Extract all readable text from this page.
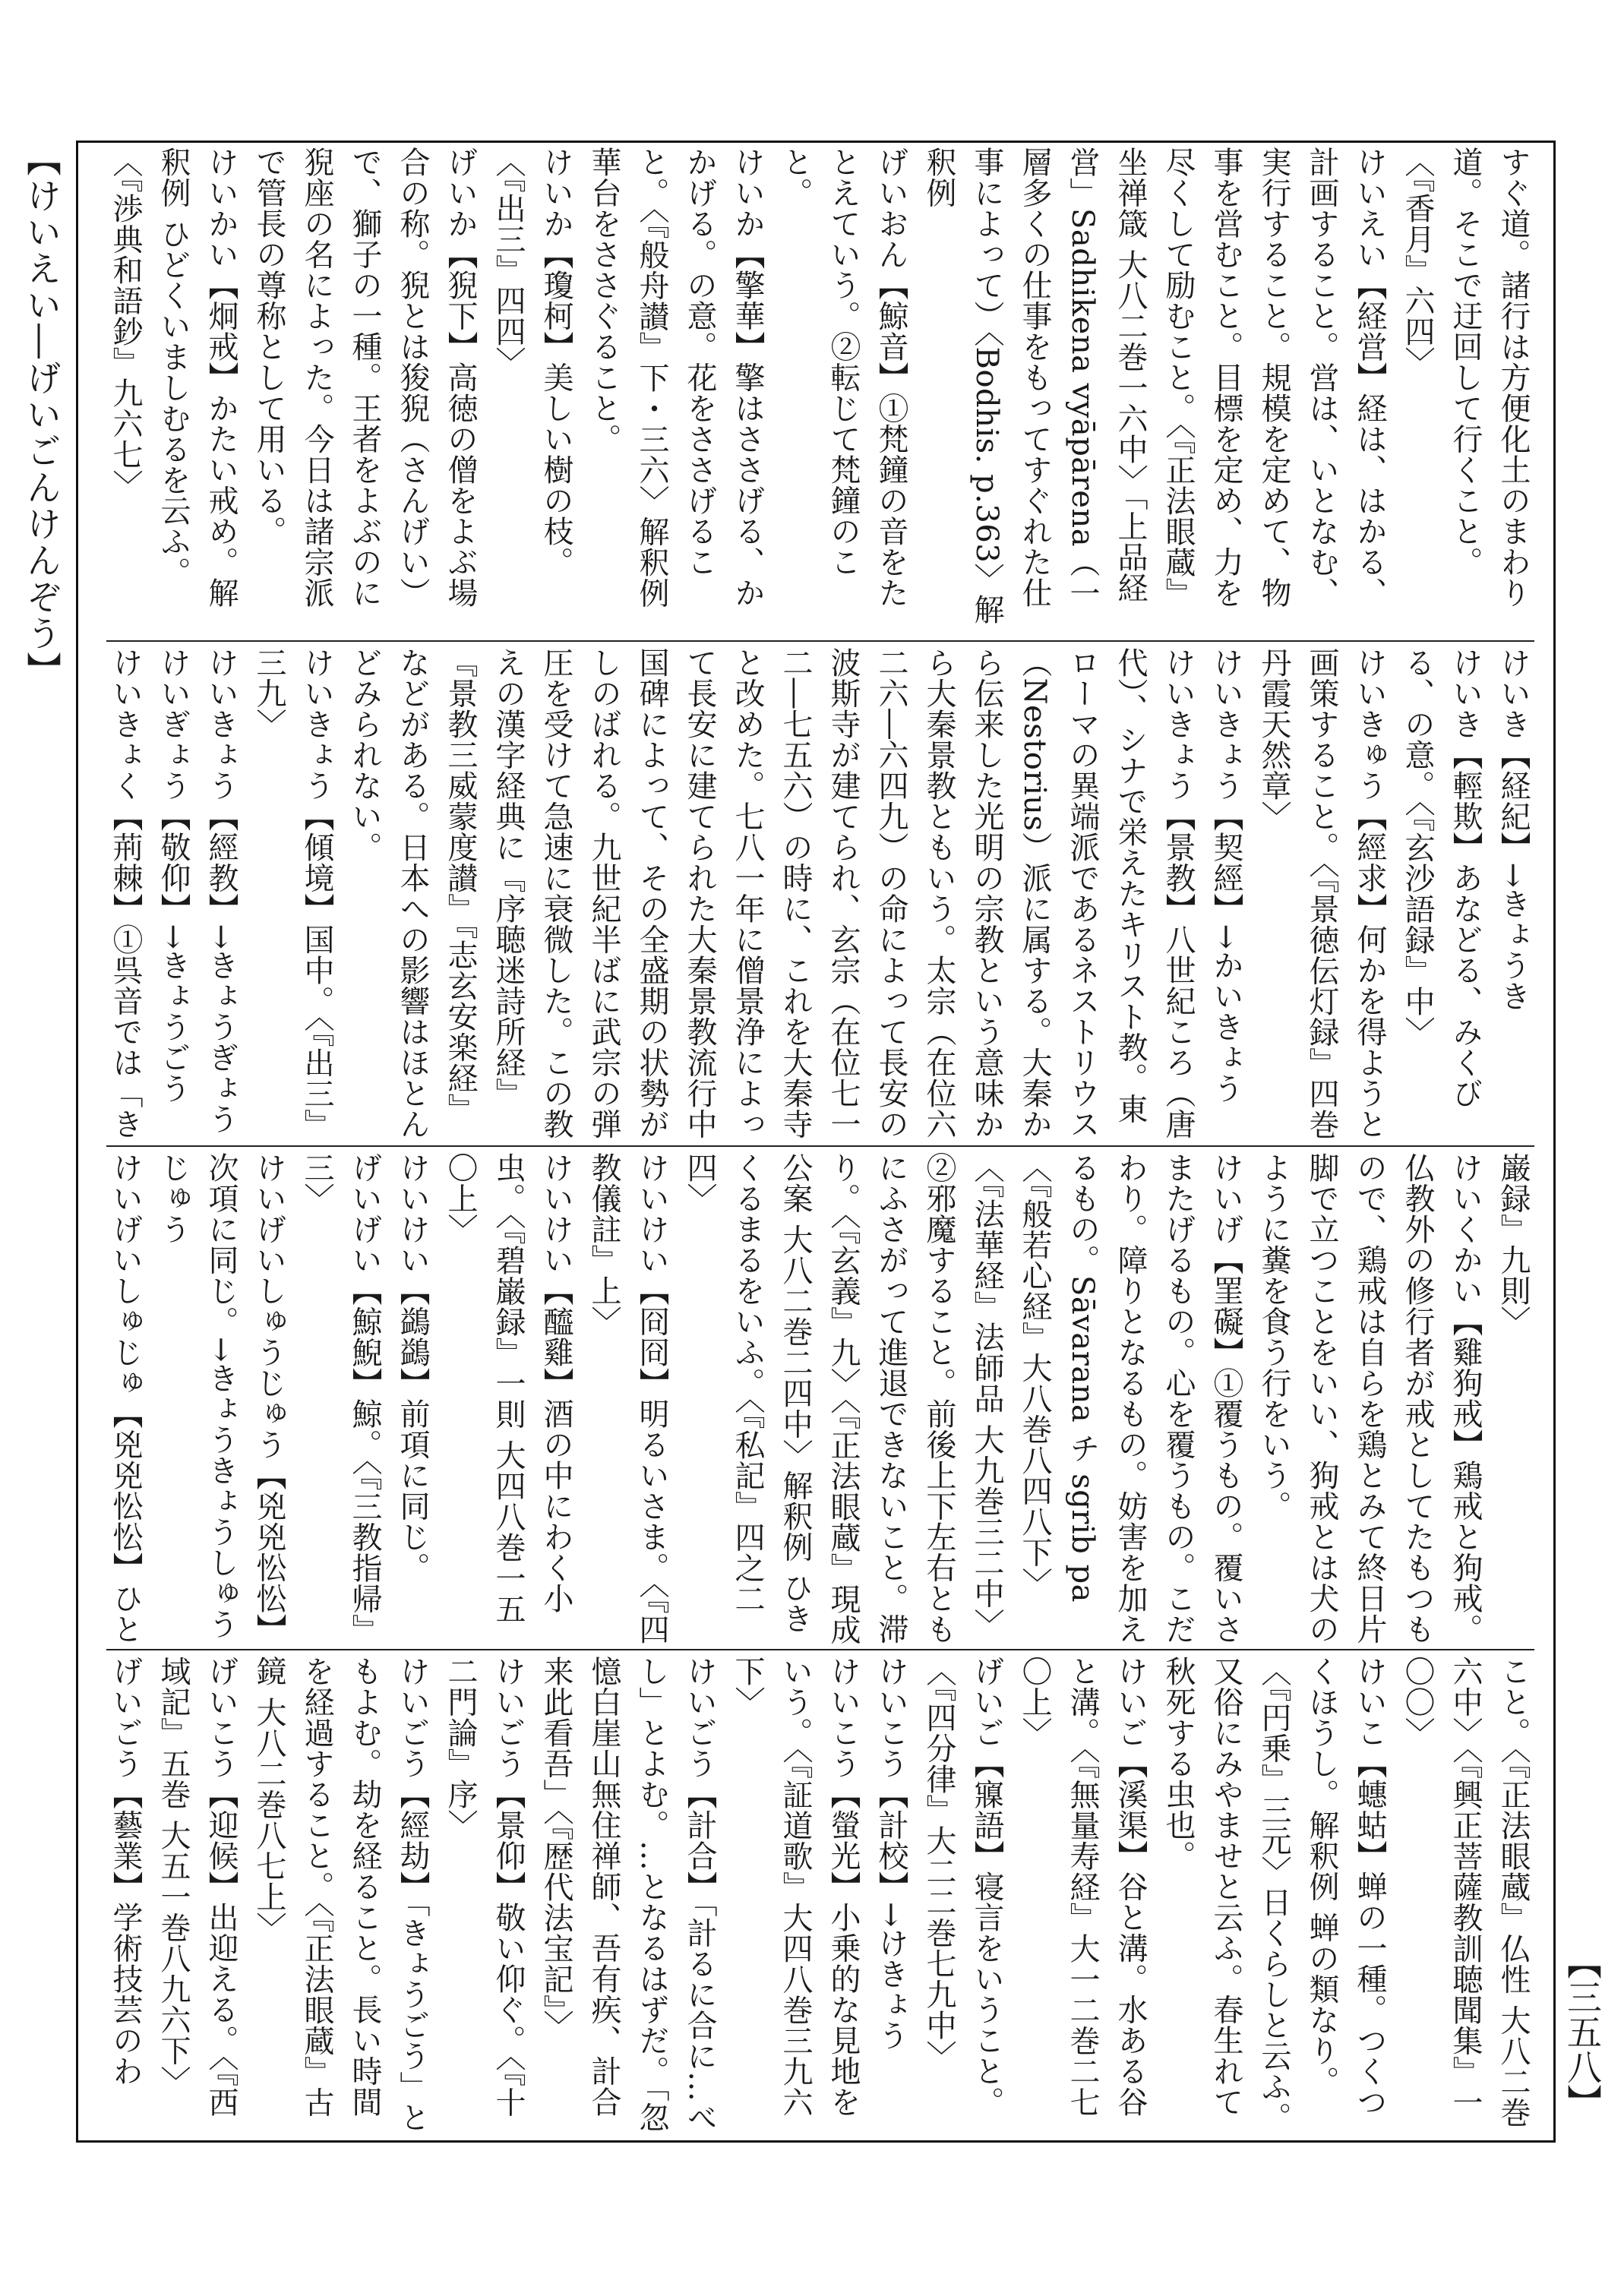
【けいえい―げいごんけんぞう】
【三五八】
すぐ道。諸行は方便化土のまわり道。そこで迂回して行くこと。〈『香月』六四〉
けいえい【経営】経は、はかる、計画すること。営は、いとなむ、実行すること。規模を定めて、物事を営むこと。目標を定め、力を尽くして励むこと。〈『正法眼蔵』坐禅箴 大八二巻一六中〉「上品経営」Sadhikena vyāpārena（一層多くの仕事をもってすぐれた仕事によって）〈Bodhis. p.363〉解釈例
げいおん【鯨音】①梵鐘の音をたとえていう。②転じて梵鐘のこと。
けいか【擎華】擎はささげる、かかげる。の意。花をささげること。〈『般舟讃』下・三六〉解釈例 華台をささぐること。
けいか【瓊柯】美しい樹の枝。〈『出三』四四〉
げいか【猊下】高徳の僧をよぶ場合の称。猊とは狻猊（さんげい）で、獅子の一種。王者をよぶのに猊座の名によった。今日は諸宗派で管長の尊称として用いる。
けいかい【炯戒】かたい戒め。解釈例 ひどくいましむるを云ふ。〈『渉典和語鈔』九六七〉
けいき【経紀】→きょうき
けいき【輕欺】あなどる、みくびる、の意。〈『玄沙語録』中〉
けいきゅう【經求】何かを得ようと画策すること。〈『景徳伝灯録』四巻丹霞天然章〉
けいきょう【契經】→かいきょう
けいきょう【景教】八世紀ころ（唐代）、シナで栄えたキリスト教。東ローマの異端派であるネストリウス（Nestorius）派に属する。大秦から伝来した光明の宗教という意味から大秦景教ともいう。太宗（在位六二六―六四九）の命によって長安の波斯寺が建てられ、玄宗（在位七一二―七五六）の時に、これを大秦寺と改めた。七八一年に僧景浄によって長安に建てられた大秦景教流行中国碑によって、その全盛期の状勢がしのばれる。九世紀半ばに武宗の弾圧を受けて急速に衰微した。この教えの漢字経典に『序聴迷詩所経』『景教三威蒙度讃』『志玄安楽経』などがある。日本への影響はほとんどみられない。
けいきょう【傾境】国中。〈『出三』三九〉
けいきょう【經教】→きょうぎょう
けいぎょう【敬仰】→きょうごう
けいきょく【荊棘】①呉音では「き
巌録』九則〉
けいくかい【雞狗戒】鶏戒と狗戒。仏教外の修行者が戒としてたもつもので、鶏戒は自らを鶏とみて終日片脚で立つことをいい、狗戒とは犬のように糞を食う行をいう。
けいげ【罣礙】①覆うもの。覆いさまたげるもの。心を覆うもの。こだわり。障りとなるもの。妨害を加えるもの。Sāvarana チ sgrib pa〈『般若心経』大八巻八四八下〉〈『法華経』法師品 大九巻三二中〉②邪魔すること。前後上下左右ともにふさがって進退できないこと。滞り。〈『玄義』九〉〈『正法眼蔵』現成公案 大八二巻二四中〉解釈例 ひきくるまるをいふ。〈『私記』四之二四〉
けいけい【冏冏】明るいさま。〈『四教儀註』上〉
けいけい【醯雞】酒の中にわく小虫。〈『碧巌録』一則 大四八巻一五〇上〉
けいけい【鷁鷁】前項に同じ。
げいげい【鯨鯢】鯨。〈『三教指帰』三〉
けいげいしゅうじゅう【兇兇忪忪】次項に同じ。→きょうきょうしゅうじゅう
けいげいしゅじゅ【兇兇忪忪】ひと
こと。〈『正法眼蔵』仏性 大八二巻六中〉〈『興正菩薩教訓聴聞集』一〇〇〉
けいこ【蟪蛄】蝉の一種。つくつくほうし。解釈例 蝉の類なり。〈『円乗』三元〉日くらしと云ふ。又俗にみやませと云ふ。春生れて秋死する虫也。
けいご【溪渠】谷と溝。水ある谷と溝。〈『無量寿経』大一二巻二七〇上〉
げいご【寱語】寝言をいうこと。〈『四分律』大二二巻七九中〉
けいこう【計校】→けきょう
けいこう【螢光】小乗的な見地をいう。〈『証道歌』大四八巻三九六下〉
けいごう【計合】「計るに合に…べし」とよむ。…となるはずだ。「忽憶白崖山無住禅師、吾有疾、計合来此看吾」〈『歴代法宝記』〉
けいごう【景仰】敬い仰ぐ。〈『十二門論』序〉
けいごう【經劫】「きょうごう」ともよむ。劫を経ること。長い時間を経過すること。〈『正法眼蔵』古鏡 大八二巻八七上〉
げいこう【迎候】出迎える。〈『西域記』五巻 大五一巻八九六下〉
げいごう【藝業】学術技芸のわ
